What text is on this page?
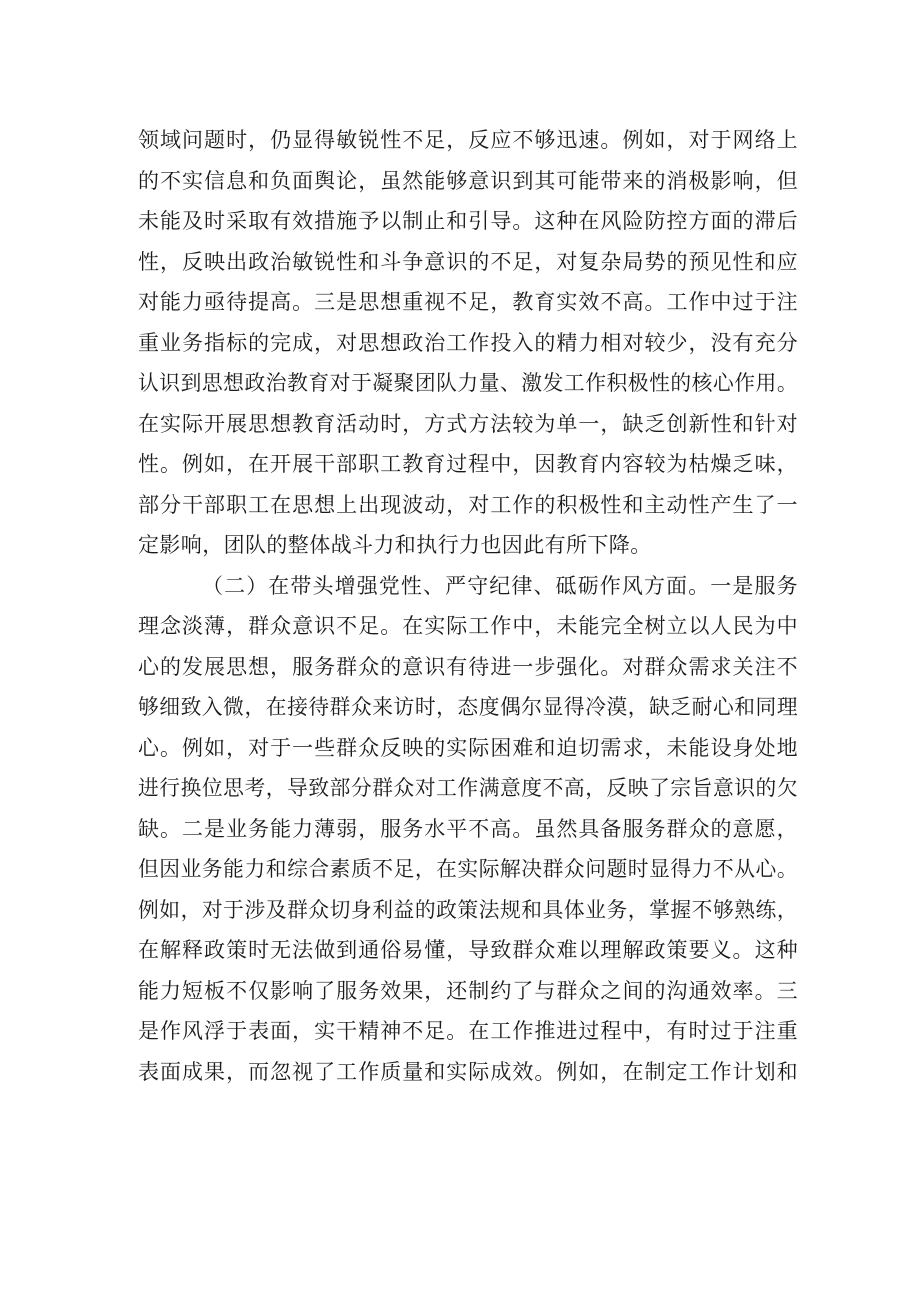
领域问题时，仍显得敏锐性不足，反应不够迅速。例如，对于网络上
的不实信息和负面舆论，虽然能够意识到其可能带来的消极影响，但
未能及时采取有效措施予以制止和引导。这种在风险防控方面的滞后
性，反映出政治敏锐性和斗争意识的不足，对复杂局势的预见性和应
对能力亟待提高。三是思想重视不足，教育实效不高。工作中过于注
重业务指标的完成，对思想政治工作投入的精力相对较少，没有充分
认识到思想政治教育对于凝聚团队力量、激发工作积极性的核心作用。
在实际开展思想教育活动时，方式方法较为单一，缺乏创新性和针对
性。例如，在开展干部职工教育过程中，因教育内容较为枯燥乏味，
部分干部职工在思想上出现波动，对工作的积极性和主动性产生了一
定影响，团队的整体战斗力和执行力也因此有所下降。
（二）在带头增强党性、严守纪律、砥砺作风方面。一是服务
理念淡薄，群众意识不足。在实际工作中，未能完全树立以人民为中
心的发展思想，服务群众的意识有待进一步强化。对群众需求关注不
够细致入微，在接待群众来访时，态度偶尔显得冷漠，缺乏耐心和同理
心。例如，对于一些群众反映的实际困难和迫切需求，未能设身处地
进行换位思考，导致部分群众对工作满意度不高，反映了宗旨意识的欠
缺。二是业务能力薄弱，服务水平不高。虽然具备服务群众的意愿，
但因业务能力和综合素质不足，在实际解决群众问题时显得力不从心。
例如，对于涉及群众切身利益的政策法规和具体业务，掌握不够熟练，
在解释政策时无法做到通俗易懂，导致群众难以理解政策要义。这种
能力短板不仅影响了服务效果，还制约了与群众之间的沟通效率。三
是作风浮于表面，实干精神不足。在工作推进过程中，有时过于注重
表面成果，而忽视了工作质量和实际成效。例如，在制定工作计划和
